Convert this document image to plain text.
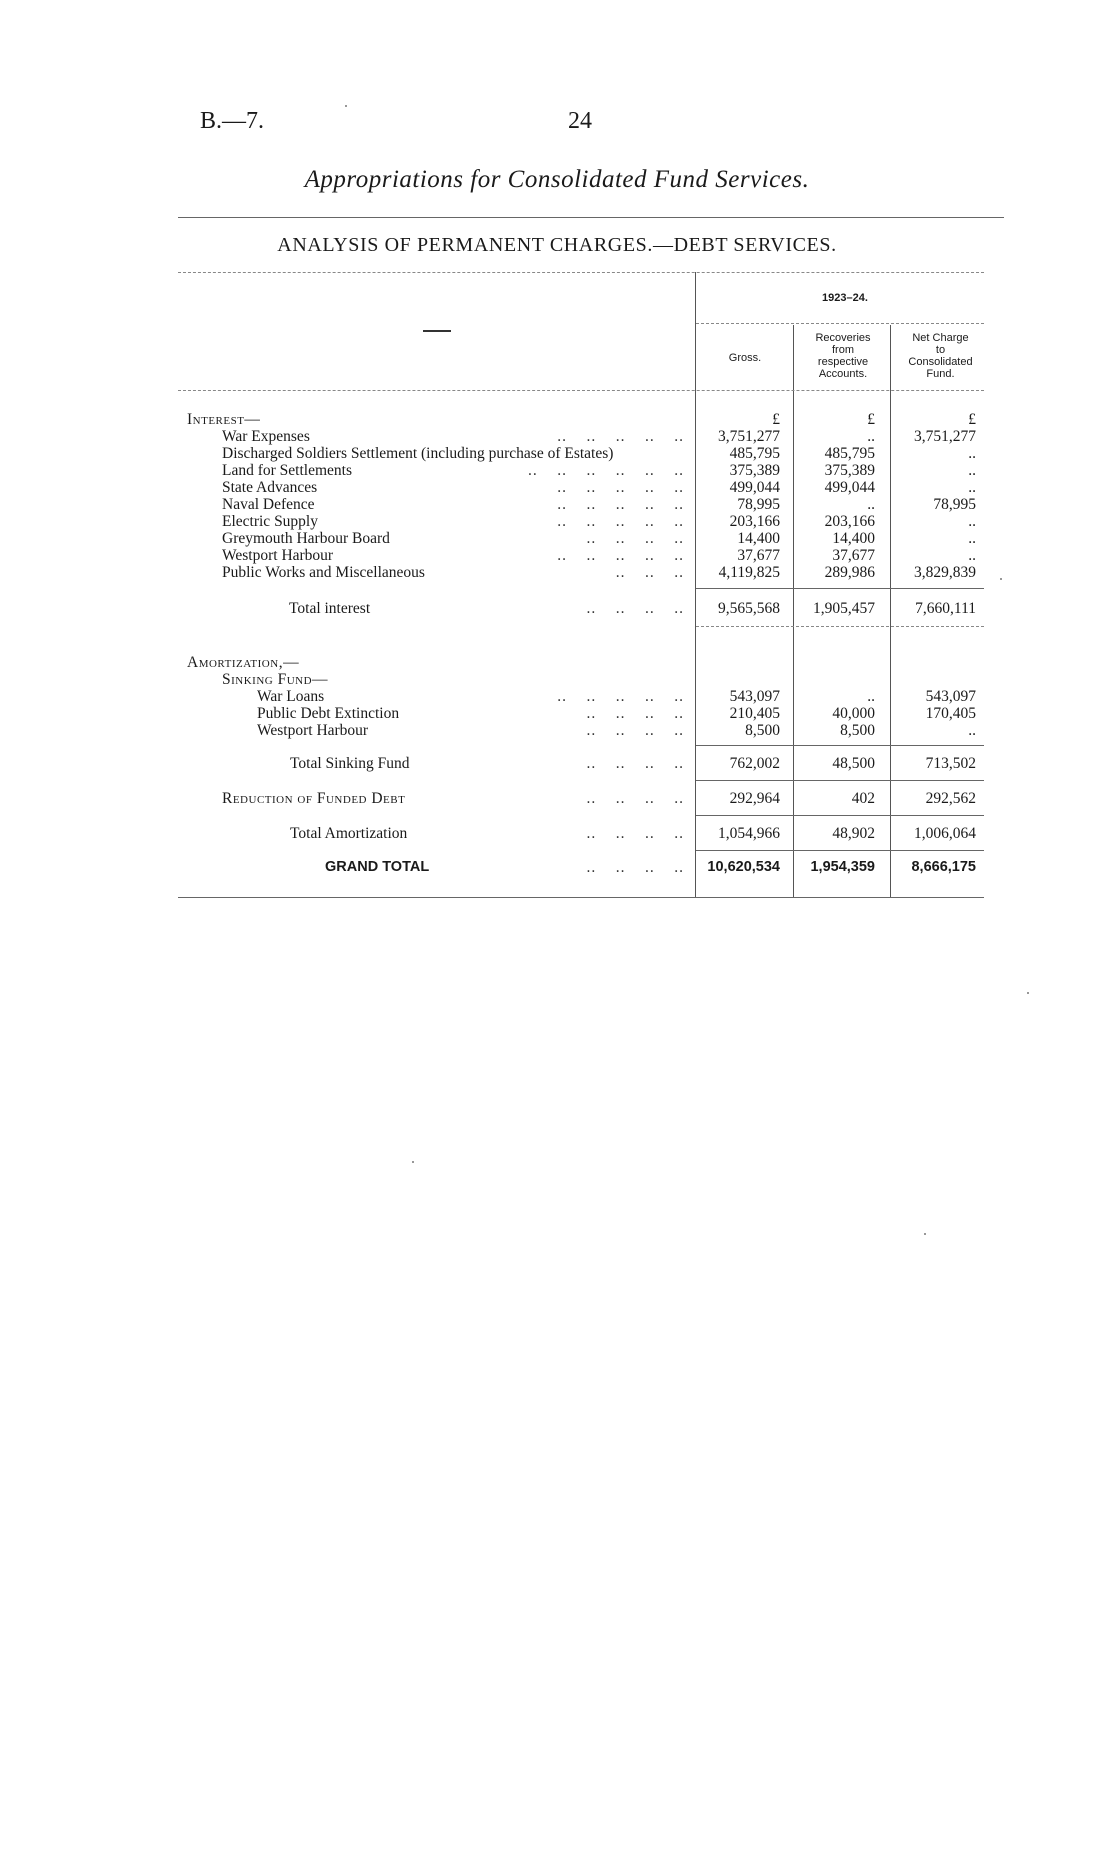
B.—7.	24
Appropriations for Consolidated Fund Services.
ANALYSIS OF PERMANENT CHARGES.—DEBT SERVICES.
1923–24.
Gross.
Recoveries
from
respective
Accounts.
Net Charge
to
Consolidated
Fund.
Interest—	£	£	£
War Expenses	..    ..    ..    ..    .. 3,751,277	..	3,751,277
Discharged Soldiers Settlement (including purchase of Estates)	485,795	485,795	..
Land for Settlements	..    ..    ..    ..    ..    ..	375,389	375,389	..
State Advances	..    ..    ..    ..    ..	499,044	499,044	..
Naval Defence	..    ..    ..    ..    ..	78,995	..	78,995
Electric Supply	..    ..    ..    ..    ..	203,166	203,166	..
Greymouth Harbour Board	..    ..    ..    ..	14,400	14,400	..
Westport Harbour	..    ..    ..    ..    ..	37,677	37,677	..
Public Works and Miscellaneous	..    ..    .. 4,119,825	289,986	3,829,839
Total interest	..    ..    ..    .. 9,565,568 1,905,457	7,660,111
Amortization,—
Sinking Fund—
War Loans	..    ..    ..    ..    ..	543,097	..	543,097
Public Debt Extinction	..    ..    ..    ..	210,405	40,000	170,405
Westport Harbour	..    ..    ..    ..	8,500	8,500	..
Total Sinking Fund	..    ..    ..    ..	762,002	48,500	713,502
Reduction of Funded Debt	..    ..    ..    ..	292,964	402	292,562
Total Amortization	..    ..    ..    .. 1,054,966	48,902	1,006,064
GRAND TOTAL	..    ..    ..    .. 10,620,534 1,954,359	8,666,175
